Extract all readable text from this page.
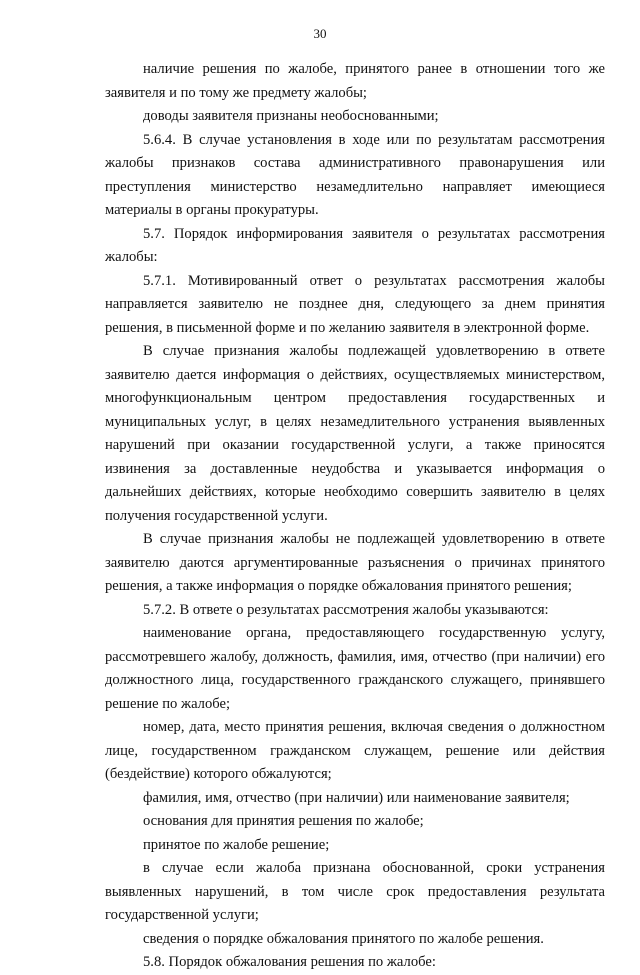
30

наличие решения по жалобе, принятого ранее в отношении того же заявителя и по тому же предмету жалобы;

доводы заявителя признаны необоснованными;

5.6.4. В случае установления в ходе или по результатам рассмотрения жалобы признаков состава административного правонарушения или преступления министерство незамедлительно направляет имеющиеся материалы в органы прокуратуры.

5.7. Порядок информирования заявителя о результатах рассмотрения жалобы:

5.7.1. Мотивированный ответ о результатах рассмотрения жалобы направляется заявителю не позднее дня, следующего за днем принятия решения, в письменной форме и по желанию заявителя в электронной форме.

В случае признания жалобы подлежащей удовлетворению в ответе заявителю дается информация о действиях, осуществляемых министерством, многофункциональным центром предоставления государственных и муниципальных услуг, в целях незамедлительного устранения выявленных нарушений при оказании государственной услуги, а также приносятся извинения за доставленные неудобства и указывается информация о дальнейших действиях, которые необходимо совершить заявителю в целях получения государственной услуги.

В случае признания жалобы не подлежащей удовлетворению в ответе заявителю даются аргументированные разъяснения о причинах принятого решения, а также информация о порядке обжалования принятого решения;

5.7.2. В ответе о результатах рассмотрения жалобы указываются:

наименование органа, предоставляющего государственную услугу, рассмотревшего жалобу, должность, фамилия, имя, отчество (при наличии) его должностного лица, государственного гражданского служащего, принявшего решение по жалобе;

номер, дата, место принятия решения, включая сведения о должностном лице, государственном гражданском служащем, решение или действия (бездействие) которого обжалуются;

фамилия, имя, отчество (при наличии) или наименование заявителя;

основания для принятия решения по жалобе;

принятое по жалобе решение;

в случае если жалоба признана обоснованной, сроки устранения выявленных нарушений, в том числе срок предоставления результата государственной услуги;

сведения о порядке обжалования принятого по жалобе решения.

5.8. Порядок обжалования решения по жалобе:
